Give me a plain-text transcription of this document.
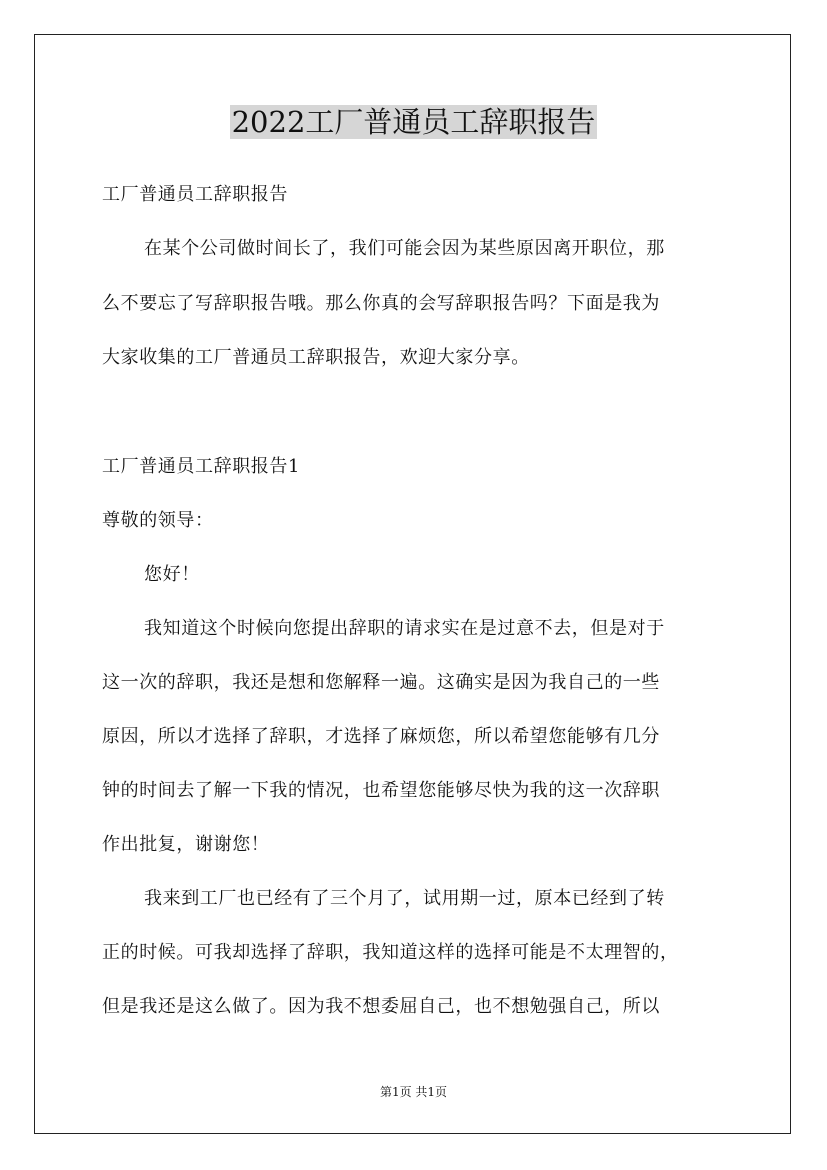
2022工厂普通员工辞职报告
工厂普通员工辞职报告
在某个公司做时间长了，我们可能会因为某些原因离开职位，那
么不要忘了写辞职报告哦。那么你真的会写辞职报告吗？下面是我为
大家收集的工厂普通员工辞职报告，欢迎大家分享。
工厂普通员工辞职报告1
尊敬的领导：
您好！
我知道这个时候向您提出辞职的请求实在是过意不去，但是对于
这一次的辞职，我还是想和您解释一遍。这确实是因为我自己的一些
原因，所以才选择了辞职，才选择了麻烦您，所以希望您能够有几分
钟的时间去了解一下我的情况，也希望您能够尽快为我的这一次辞职
作出批复，谢谢您！
我来到工厂也已经有了三个月了，试用期一过，原本已经到了转
正的时候。可我却选择了辞职，我知道这样的选择可能是不太理智的，
但是我还是这么做了。因为我不想委屈自己，也不想勉强自己，所以
第1页 共1页
